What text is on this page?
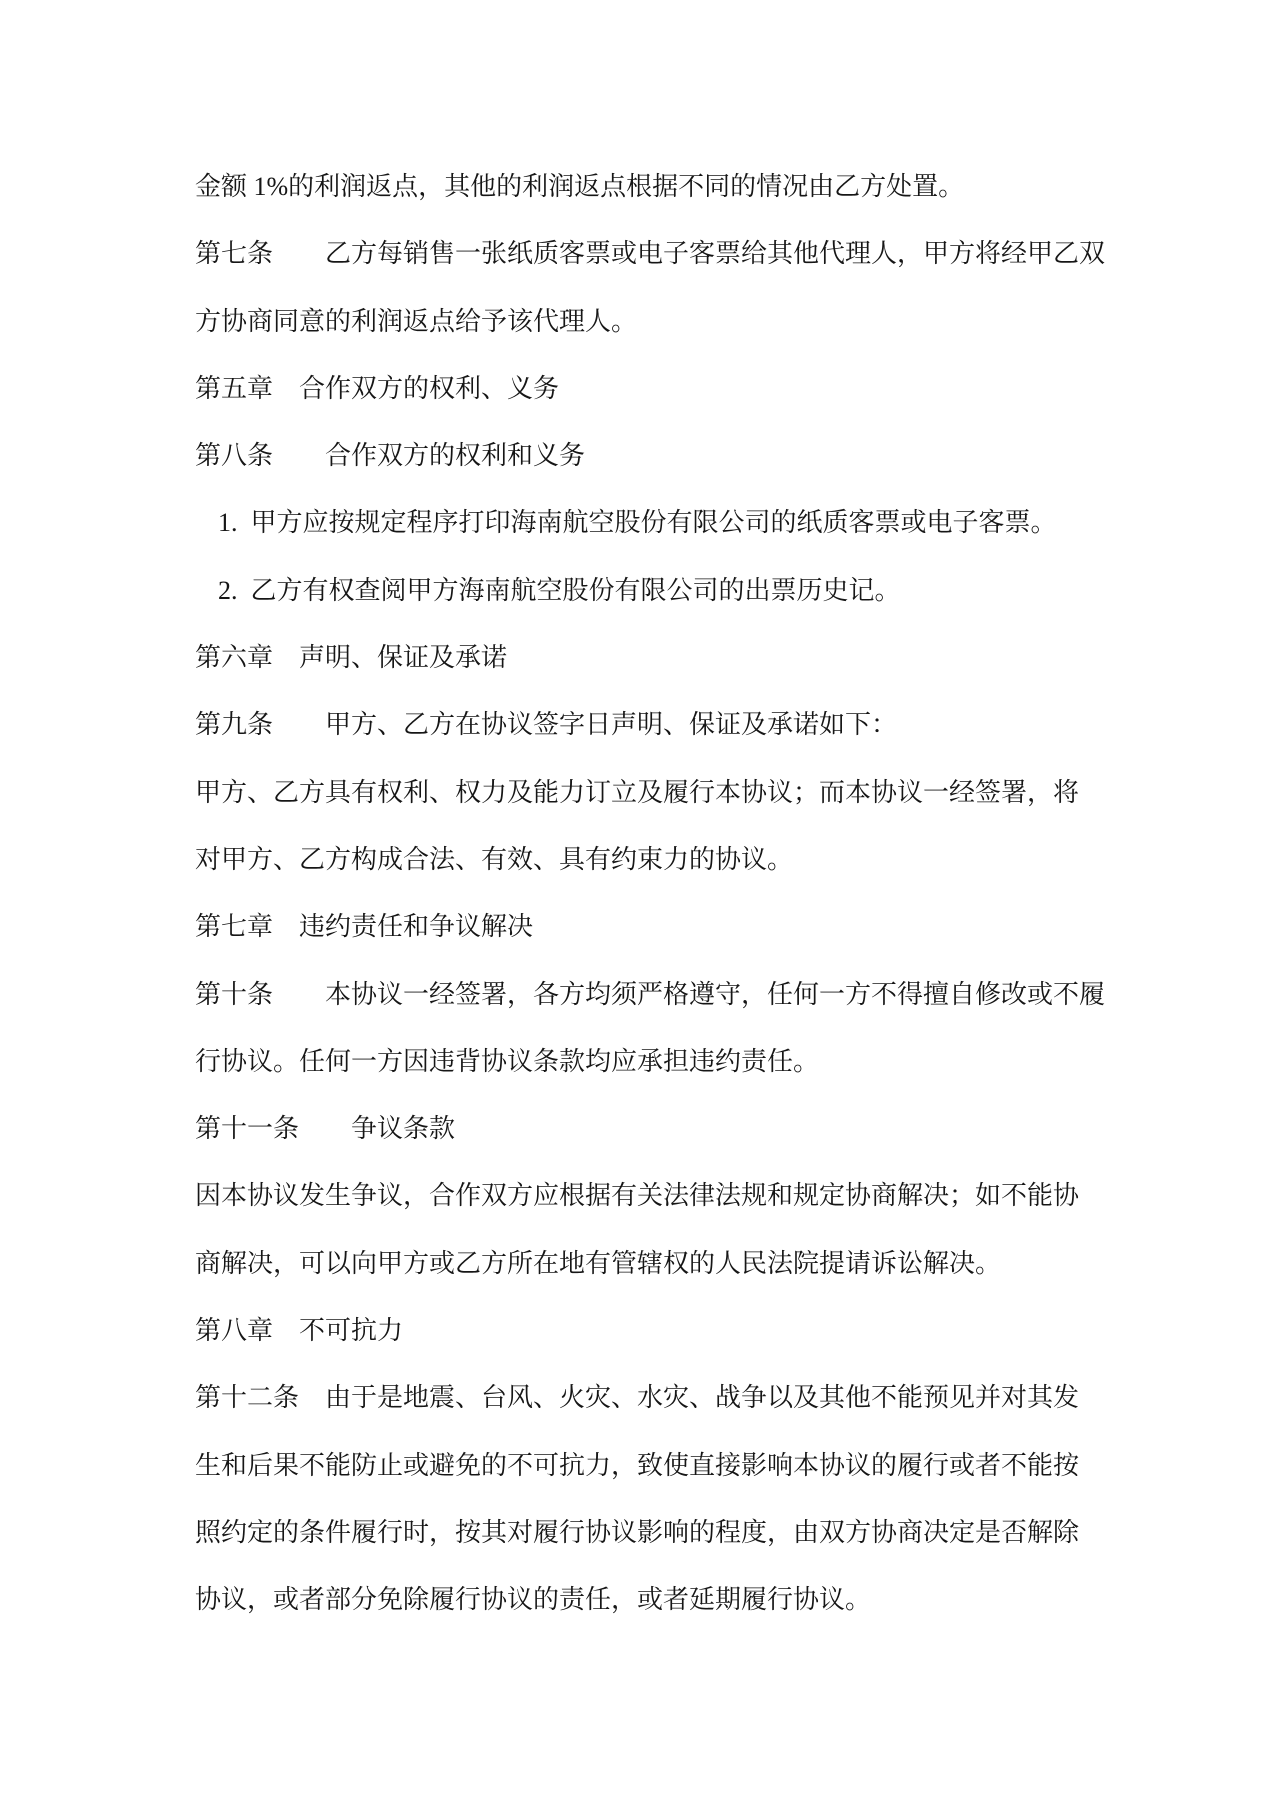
金额 1%的利润返点，其他的利润返点根据不同的情况由乙方处置。

第七条　　乙方每销售一张纸质客票或电子客票给其他代理人，甲方将经甲乙双

方协商同意的利润返点给予该代理人。

第五章　合作双方的权利、义务

第八条　　合作双方的权利和义务

1.  甲方应按规定程序打印海南航空股份有限公司的纸质客票或电子客票。

2.  乙方有权查阅甲方海南航空股份有限公司的出票历史记。

第六章　声明、保证及承诺

第九条　　甲方、乙方在协议签字日声明、保证及承诺如下：

甲方、乙方具有权利、权力及能力订立及履行本协议；而本协议一经签署，将

对甲方、乙方构成合法、有效、具有约束力的协议。

第七章　违约责任和争议解决

第十条　　本协议一经签署，各方均须严格遵守，任何一方不得擅自修改或不履

行协议。任何一方因违背协议条款均应承担违约责任。

第十一条　　争议条款

因本协议发生争议，合作双方应根据有关法律法规和规定协商解决；如不能协

商解决，可以向甲方或乙方所在地有管辖权的人民法院提请诉讼解决。

第八章　不可抗力

第十二条　由于是地震、台风、火灾、水灾、战争以及其他不能预见并对其发

生和后果不能防止或避免的不可抗力，致使直接影响本协议的履行或者不能按

照约定的条件履行时，按其对履行协议影响的程度，由双方协商决定是否解除

协议，或者部分免除履行协议的责任，或者延期履行协议。
